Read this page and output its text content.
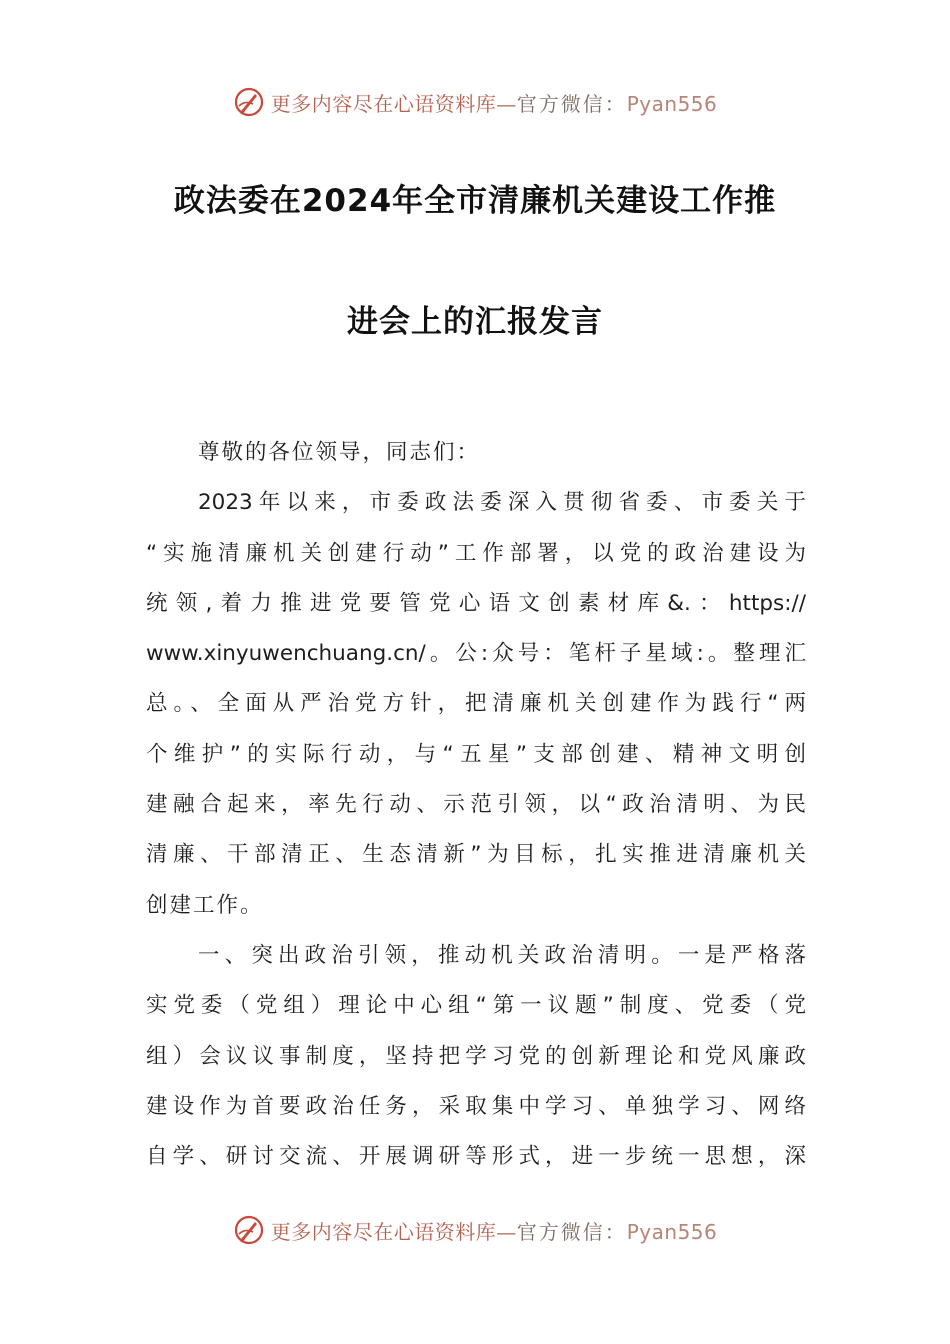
更多内容尽在心语资料库—官方微信：Pyan556
政法委在2024年全市清廉机关建设工作推
进会上的汇报发言
尊敬的各位领导，同志们：
2023年以来，市委政法委深入贯彻省委、市委关于
“实施清廉机关创建行动”工作部署，以党的政治建设为
统领,着力推进党要管党心语文创素材库&.：https://
www.xinyuwenchuang.cn/。公:众号：笔杆子星域:。整理汇
总。、全面从严治党方针，把清廉机关创建作为践行“两
个维护”的实际行动，与“五星”支部创建、精神文明创
建融合起来，率先行动、示范引领，以“政治清明、为民
清廉、干部清正、生态清新”为目标，扎实推进清廉机关
创建工作。
一、突出政治引领，推动机关政治清明。一是严格落
实党委（党组）理论中心组“第一议题”制度、党委（党
组）会议议事制度，坚持把学习党的创新理论和党风廉政
建设作为首要政治任务，采取集中学习、单独学习、网络
自学、研讨交流、开展调研等形式，进一步统一思想，深
更多内容尽在心语资料库—官方微信：Pyan556
